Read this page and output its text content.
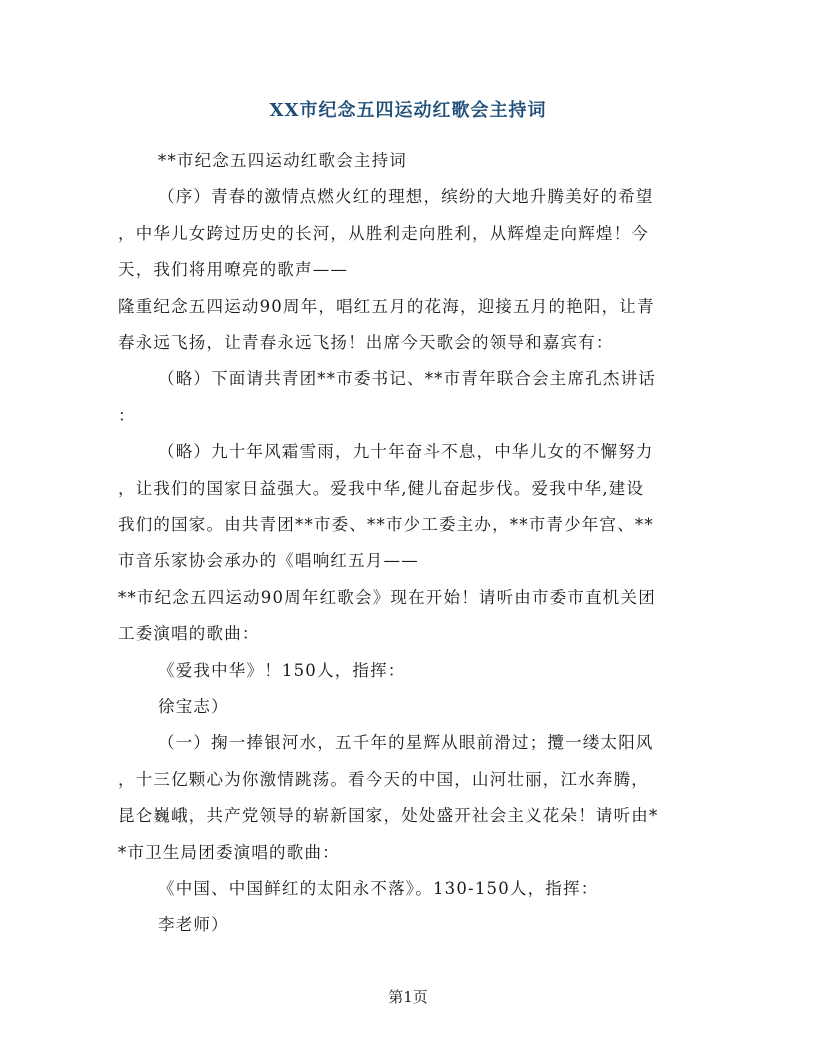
XX市纪念五四运动红歌会主持词

**市纪念五四运动红歌会主持词

（序）青春的激情点燃火红的理想，缤纷的大地升腾美好的希望

，中华儿女跨过历史的长河，从胜利走向胜利，从辉煌走向辉煌！今

天，我们将用嘹亮的歌声——

隆重纪念五四运动90周年，唱红五月的花海，迎接五月的艳阳，让青

春永远飞扬，让青春永远飞扬！出席今天歌会的领导和嘉宾有：

（略）下面请共青团**市委书记、**市青年联合会主席孔杰讲话

：

（略）九十年风霜雪雨，九十年奋斗不息，中华儿女的不懈努力

，让我们的国家日益强大。爱我中华,健儿奋起步伐。爱我中华,建设

我们的国家。由共青团**市委、**市少工委主办，**市青少年宫、**

市音乐家协会承办的《唱响红五月——

**市纪念五四运动90周年红歌会》现在开始！请听由市委市直机关团

工委演唱的歌曲：

《爱我中华》！150人，指挥：

徐宝志）

（一）掬一捧银河水，五千年的星辉从眼前滑过；攬一缕太阳风

，十三亿颗心为你激情跳荡。看今天的中国，山河壮丽，江水奔腾，

昆仑巍峨，共产党领导的崭新国家，处处盛开社会主义花朵！请听由*

*市卫生局团委演唱的歌曲：

《中国、中国鲜红的太阳永不落》。130-150人，指挥：

李老师）

第1页
